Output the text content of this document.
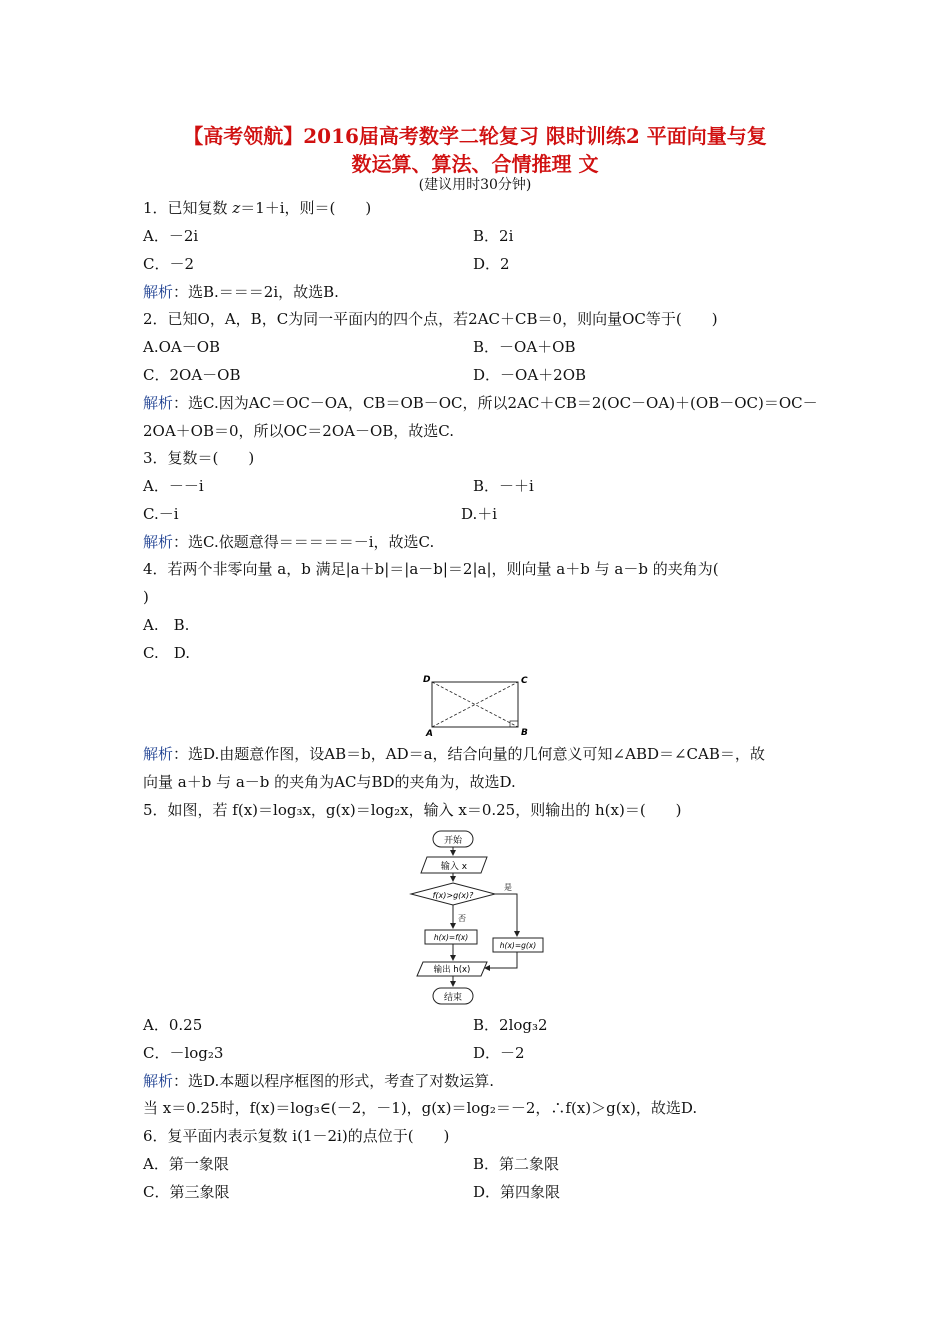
【高考领航】2016届高考数学二轮复习 限时训练2 平面向量与复
数运算、算法、合情推理 文
(建议用时30分钟)
1．已知复数 z＝1＋i，则＝(　　)
A．－2i	B．2i
C．－2	D．2
解析：选B.＝＝＝2i，故选B.
2．已知O，A，B，C为同一平面内的四个点，若2AC＋CB＝0，则向量OC等于(　　)
A.OA－OB	B．－OA＋OB
C．2OA－OB	D．－OA＋2OB
解析：选C.因为AC＝OC－OA，CB＝OB－OC，所以2AC＋CB＝2(OC－OA)＋(OB－OC)＝OC－
2OA＋OB＝0，所以OC＝2OA－OB，故选C.
3．复数＝(　　)
A．－－i	B．－＋i
C.－i	D.＋i
解析：选C.依题意得＝＝＝＝＝－i，故选C.
4．若两个非零向量 a，b 满足|a＋b|＝|a－b|＝2|a|，则向量 a＋b 与 a－b 的夹角为(
)
A.　B.
C.　D.
D	C
A	B
解析：选D.由题意作图，设AB＝b，AD＝a，结合向量的几何意义可知∠ABD＝∠CAB＝，故
向量 a＋b 与 a－b 的夹角为AC与BD的夹角为，故选D.
5．如图，若 f(x)＝log₃x，g(x)＝log₂x，输入 x＝0.25，则输出的 h(x)＝(　　)
开始
输入 x
f(x)>g(x)?
是
否
h(x)=f(x)
h(x)=g(x)
输出 h(x)
结束
A．0.25	B．2log₃2
C．－log₂3	D．－2
解析：选D.本题以程序框图的形式，考查了对数运算.
当 x＝0.25时，f(x)＝log₃∈(－2，－1)，g(x)＝log₂＝－2，∴f(x)＞g(x)，故选D.
6．复平面内表示复数 i(1－2i)的点位于(　　)
A．第一象限	B．第二象限
C．第三象限	D．第四象限
